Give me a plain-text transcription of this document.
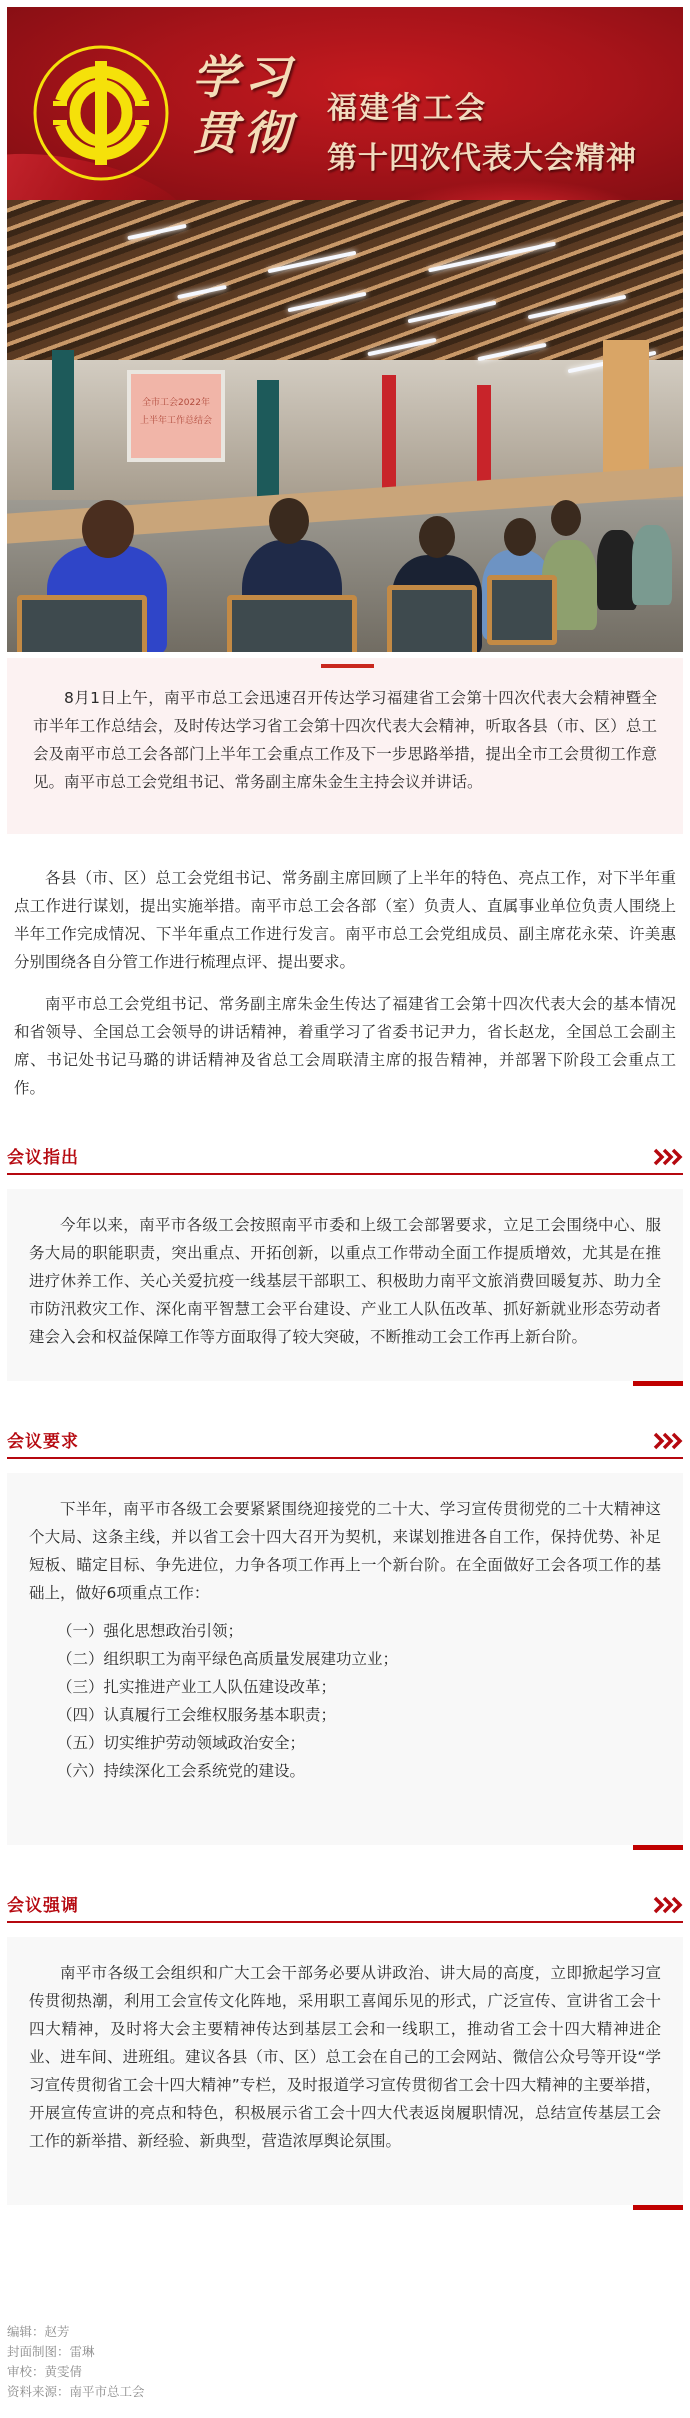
学习
贯彻 福建省工会
第十四次代表大会精神
全市工会2022年
上半年工作总结会

8月1日上午，南平市总工会迅速召开传达学习福建省工会第十四次代表大会精神暨全市半年工作总结会，及时传达学习省工会第十四次代表大会精神，听取各县（市、区）总工会及南平市总工会各部门上半年工会重点工作及下一步思路举措，提出全市工会贯彻工作意见。南平市总工会党组书记、常务副主席朱金生主持会议并讲话。

各县（市、区）总工会党组书记、常务副主席回顾了上半年的特色、亮点工作，对下半年重点工作进行谋划，提出实施举措。南平市总工会各部（室）负责人、直属事业单位负责人围绕上半年工作完成情况、下半年重点工作进行发言。南平市总工会党组成员、副主席花永荣、许美惠分别围绕各自分管工作进行梳理点评、提出要求。

南平市总工会党组书记、常务副主席朱金生传达了福建省工会第十四次代表大会的基本情况和省领导、全国总工会领导的讲话精神，着重学习了省委书记尹力，省长赵龙，全国总工会副主席、书记处书记马璐的讲话精神及省总工会周联清主席的报告精神，并部署下阶段工会重点工作。

会议指出

今年以来，南平市各级工会按照南平市委和上级工会部署要求，立足工会围绕中心、服务大局的职能职责，突出重点、开拓创新，以重点工作带动全面工作提质增效，尤其是在推进疗休养工作、关心关爱抗疫一线基层干部职工、积极助力南平文旅消费回暖复苏、助力全市防汛救灾工作、深化南平智慧工会平台建设、产业工人队伍改革、抓好新就业形态劳动者建会入会和权益保障工作等方面取得了较大突破，不断推动工会工作再上新台阶。

会议要求

下半年，南平市各级工会要紧紧围绕迎接党的二十大、学习宣传贯彻党的二十大精神这个大局、这条主线，并以省工会十四大召开为契机，来谋划推进各自工作，保持优势、补足短板、瞄定目标、争先进位，力争各项工作再上一个新台阶。在全面做好工会各项工作的基础上，做好6项重点工作：

（一）强化思想政治引领；
（二）组织职工为南平绿色高质量发展建功立业；
（三）扎实推进产业工人队伍建设改革；
（四）认真履行工会维权服务基本职责；
（五）切实维护劳动领域政治安全；
（六）持续深化工会系统党的建设。
会议强调

南平市各级工会组织和广大工会干部务必要从讲政治、讲大局的高度，立即掀起学习宣传贯彻热潮，利用工会宣传文化阵地，采用职工喜闻乐见的形式，广泛宣传、宣讲省工会十四大精神，及时将大会主要精神传达到基层工会和一线职工，推动省工会十四大精神进企业、进车间、进班组。建议各县（市、区）总工会在自己的工会网站、微信公众号等开设“学习宣传贯彻省工会十四大精神”专栏，及时报道学习宣传贯彻省工会十四大精神的主要举措，开展宣传宣讲的亮点和特色，积极展示省工会十四大代表返岗履职情况，总结宣传基层工会工作的新举措、新经验、新典型，营造浓厚舆论氛围。

编辑：赵芳
封面制图：雷琳
审校：黄雯倩
资料来源：南平市总工会
